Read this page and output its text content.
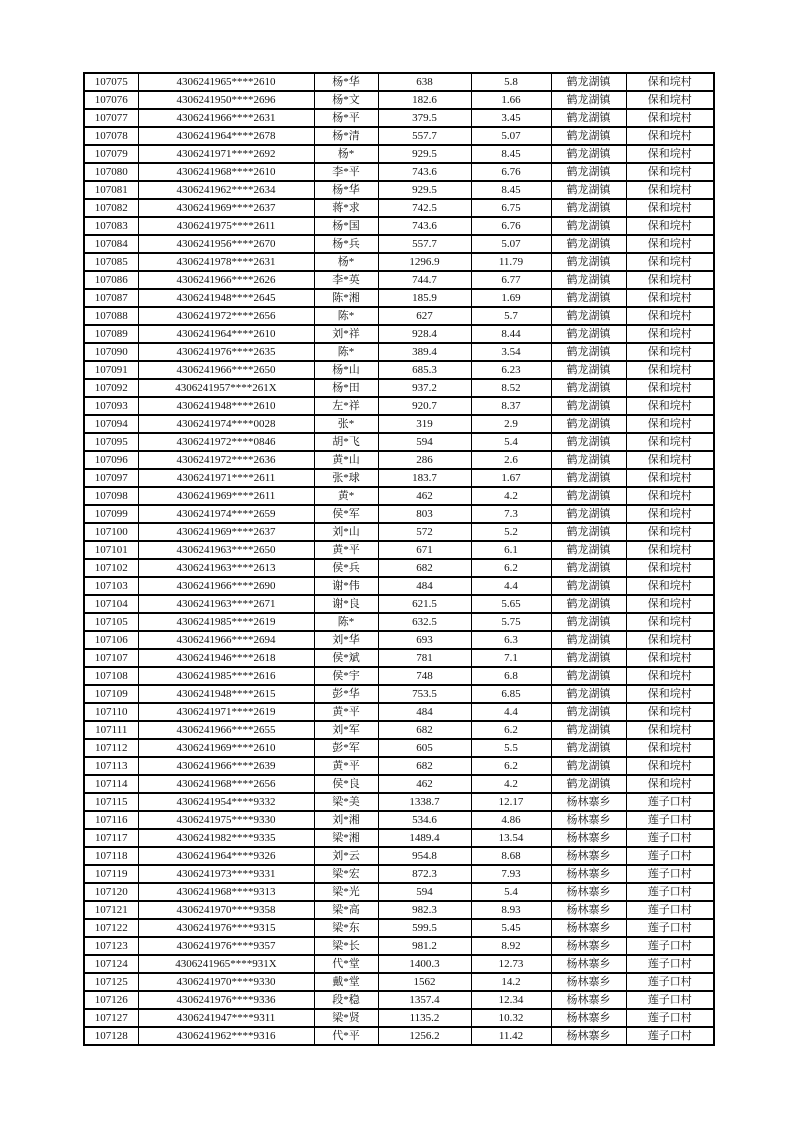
107075	4306241965****2610	杨*华	638	5.8	鹤龙湖镇	保和垸村
107076	4306241950****2696	杨*文	182.6	1.66	鹤龙湖镇	保和垸村
107077	4306241966****2631	杨*平	379.5	3.45	鹤龙湖镇	保和垸村
107078	4306241964****2678	杨*清	557.7	5.07	鹤龙湖镇	保和垸村
107079	4306241971****2692	杨*	929.5	8.45	鹤龙湖镇	保和垸村
107080	4306241968****2610	李*平	743.6	6.76	鹤龙湖镇	保和垸村
107081	4306241962****2634	杨*华	929.5	8.45	鹤龙湖镇	保和垸村
107082	4306241969****2637	蒋*求	742.5	6.75	鹤龙湖镇	保和垸村
107083	4306241975****2611	杨*国	743.6	6.76	鹤龙湖镇	保和垸村
107084	4306241956****2670	杨*兵	557.7	5.07	鹤龙湖镇	保和垸村
107085	4306241978****2631	杨*	1296.9	11.79	鹤龙湖镇	保和垸村
107086	4306241966****2626	李*英	744.7	6.77	鹤龙湖镇	保和垸村
107087	4306241948****2645	陈*湘	185.9	1.69	鹤龙湖镇	保和垸村
107088	4306241972****2656	陈*	627	5.7	鹤龙湖镇	保和垸村
107089	4306241964****2610	刘*祥	928.4	8.44	鹤龙湖镇	保和垸村
107090	4306241976****2635	陈*	389.4	3.54	鹤龙湖镇	保和垸村
107091	4306241966****2650	杨*山	685.3	6.23	鹤龙湖镇	保和垸村
107092	4306241957****261X	杨*田	937.2	8.52	鹤龙湖镇	保和垸村
107093	4306241948****2610	左*祥	920.7	8.37	鹤龙湖镇	保和垸村
107094	4306241974****0028	张*	319	2.9	鹤龙湖镇	保和垸村
107095	4306241972****0846	胡*飞	594	5.4	鹤龙湖镇	保和垸村
107096	4306241972****2636	黄*山	286	2.6	鹤龙湖镇	保和垸村
107097	4306241971****2611	张*球	183.7	1.67	鹤龙湖镇	保和垸村
107098	4306241969****2611	黄*	462	4.2	鹤龙湖镇	保和垸村
107099	4306241974****2659	侯*军	803	7.3	鹤龙湖镇	保和垸村
107100	4306241969****2637	刘*山	572	5.2	鹤龙湖镇	保和垸村
107101	4306241963****2650	黄*平	671	6.1	鹤龙湖镇	保和垸村
107102	4306241963****2613	侯*兵	682	6.2	鹤龙湖镇	保和垸村
107103	4306241966****2690	谢*伟	484	4.4	鹤龙湖镇	保和垸村
107104	4306241963****2671	谢*良	621.5	5.65	鹤龙湖镇	保和垸村
107105	4306241985****2619	陈*	632.5	5.75	鹤龙湖镇	保和垸村
107106	4306241966****2694	刘*华	693	6.3	鹤龙湖镇	保和垸村
107107	4306241946****2618	侯*斌	781	7.1	鹤龙湖镇	保和垸村
107108	4306241985****2616	侯*宇	748	6.8	鹤龙湖镇	保和垸村
107109	4306241948****2615	彭*华	753.5	6.85	鹤龙湖镇	保和垸村
107110	4306241971****2619	黄*平	484	4.4	鹤龙湖镇	保和垸村
107111	4306241966****2655	刘*军	682	6.2	鹤龙湖镇	保和垸村
107112	4306241969****2610	彭*军	605	5.5	鹤龙湖镇	保和垸村
107113	4306241966****2639	黄*平	682	6.2	鹤龙湖镇	保和垸村
107114	4306241968****2656	侯*良	462	4.2	鹤龙湖镇	保和垸村
107115	4306241954****9332	梁*美	1338.7	12.17	杨林寨乡	莲子口村
107116	4306241975****9330	刘*湘	534.6	4.86	杨林寨乡	莲子口村
107117	4306241982****9335	梁*湘	1489.4	13.54	杨林寨乡	莲子口村
107118	4306241964****9326	刘*云	954.8	8.68	杨林寨乡	莲子口村
107119	4306241973****9331	梁*宏	872.3	7.93	杨林寨乡	莲子口村
107120	4306241968****9313	梁*光	594	5.4	杨林寨乡	莲子口村
107121	4306241970****9358	梁*高	982.3	8.93	杨林寨乡	莲子口村
107122	4306241976****9315	梁*东	599.5	5.45	杨林寨乡	莲子口村
107123	4306241976****9357	梁*长	981.2	8.92	杨林寨乡	莲子口村
107124	4306241965****931X	代*堂	1400.3	12.73	杨林寨乡	莲子口村
107125	4306241970****9330	戴*堂	1562	14.2	杨林寨乡	莲子口村
107126	4306241976****9336	段*稳	1357.4	12.34	杨林寨乡	莲子口村
107127	4306241947****9311	梁*贤	1135.2	10.32	杨林寨乡	莲子口村
107128	4306241962****9316	代*平	1256.2	11.42	杨林寨乡	莲子口村
